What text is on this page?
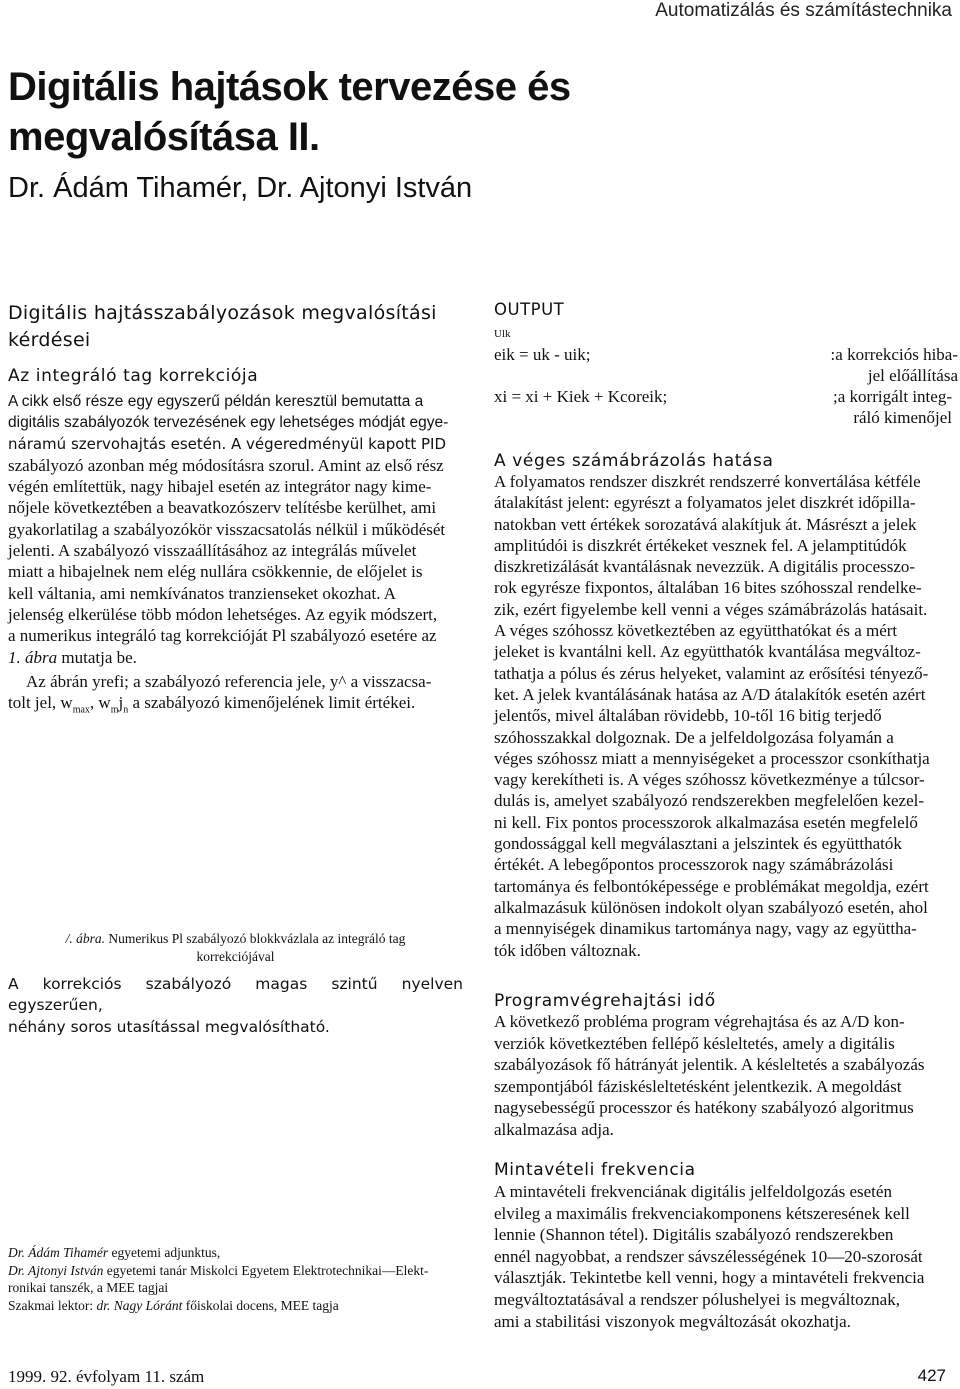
Automatizálás és számítástechnika
Digitális hajtások tervezése és
megvalósítása II.
Dr. Ádám Tihamér, Dr. Ajtonyi István
Digitális hajtásszabályozások megvalósítási
kérdései
Az integráló tag korrekciója
A cikk első része egy egyszerű példán keresztül bemutatta a
digitális szabályozók tervezésének egy lehetséges módját egye-
náramú szervohajtás esetén. A végeredményül kapott PID
szabályozó azonban még módosításra szorul. Amint az első rész
végén említettük, nagy hibajel esetén az integrátor nagy kime-
nőjele következtében a beavatkozószerv telítésbe kerülhet, ami
gyakorlatilag a szabályozókör visszacsatolás nélkül i működését
jelenti. A szabályozó visszaállításához az integrálás művelet
miatt a hibajelnek nem elég nullára csökkennie, de előjelet is
kell váltania, ami nemkívánatos tranzienseket okozhat. A
jelenség elkerülése több módon lehetséges. Az egyik módszert,
a numerikus integráló tag korrekcióját Pl szabályozó esetére az
1. ábra mutatja be.
Az ábrán yrefi; a szabályozó referencia jele, y^ a visszacsa-
tolt jel, $w_{max}$, $w_mj_n$ a szabályozó kimenőjelének limit értékei.
/. ábra. Numerikus Pl szabályozó blokkvázlala az integráló tag
korrekciójával
A korrekciós szabályozó magas szintű nyelven egyszerűen,
néhány soros utasítással megvalósítható.
Dr. Ádám Tihamér egyetemi adjunktus,
Dr. Ajtonyi István egyetemi tanár Miskolci Egyetem Elektrotechnikai—Elekt-
ronikai tanszék, a MEE tagjai
Szakmai lektor: dr. Nagy Lóránt főiskolai docens, MEE tagja
OUTPUT
Ulk
eik = uk - uik;	:a korrekciós hiba-
jel előállítása
xi = xi + Kiek + Kcoreik;	;a korrigált integ-
ráló kimenőjel
A véges számábrázolás hatása
A folyamatos rendszer diszkrét rendszerré konvertálása kétféle
átalakítást jelent: egyrészt a folyamatos jelet diszkrét időpilla-
natokban vett értékek sorozatává alakítjuk át. Másrészt a jelek
amplitúdói is diszkrét értékeket vesznek fel. A jelamptitúdók
diszkretizálását kvantálásnak nevezzük. A digitális processzo-
rok egyrésze fixpontos, általában 16 bites szóhosszal rendelke-
zik, ezért figyelembe kell venni a véges számábrázolás hatásait.
A véges szóhossz következtében az együtthatókat és a mért
jeleket is kvantálni kell. Az együtthatók kvantálása megváltoz-
tathatja a pólus és zérus helyeket, valamint az erősítési tényező-
ket. A jelek kvantálásának hatása az A/D átalakítók esetén azért
jelentős, mivel általában rövidebb, 10-től 16 bitig terjedő
szóhosszakkal dolgoznak. De a jelfeldolgozása folyamán a
véges szóhossz miatt a mennyiségeket a processzor csonkíthatja
vagy kerekítheti is. A véges szóhossz következménye a túlcsor-
dulás is, amelyet szabályozó rendszerekben megfelelően kezel-
ni kell. Fix pontos processzorok alkalmazása esetén megfelelő
gondossággal kell megválasztani a jelszintek és együtthatók
értékét. A lebegőpontos processzorok nagy számábrázolási
tartománya és felbontóképessége e problémákat megoldja, ezért
alkalmazásuk különösen indokolt olyan szabályozó esetén, ahol
a mennyiségek dinamikus tartománya nagy, vagy az együttha-
tók időben változnak.
Programvégrehajtási idő
A következő probléma program végrehajtása és az A/D kon-
verziók következtében fellépő késleltetés, amely a digitális
szabályozások fő hátrányát jelentik. A késleltetés a szabályozás
szempontjából fáziskésleltetésként jelentkezik. A megoldást
nagysebességű processzor és hatékony szabályozó algoritmus
alkalmazása adja.
Mintavételi frekvencia
A mintavételi frekvenciának digitális jelfeldolgozás esetén
elvileg a maximális frekvenciakomponens kétszeresének kell
lennie (Shannon tétel). Digitális szabályozó rendszerekben
ennél nagyobbat, a rendszer sávszélességének 10—20-szorosát
választják. Tekintetbe kell venni, hogy a mintavételi frekvencia
megváltoztatásával a rendszer pólushelyei is megváltoznak,
ami a stabilitási viszonyok megváltozását okozhatja.
1999. 92. évfolyam 11. szám	427
